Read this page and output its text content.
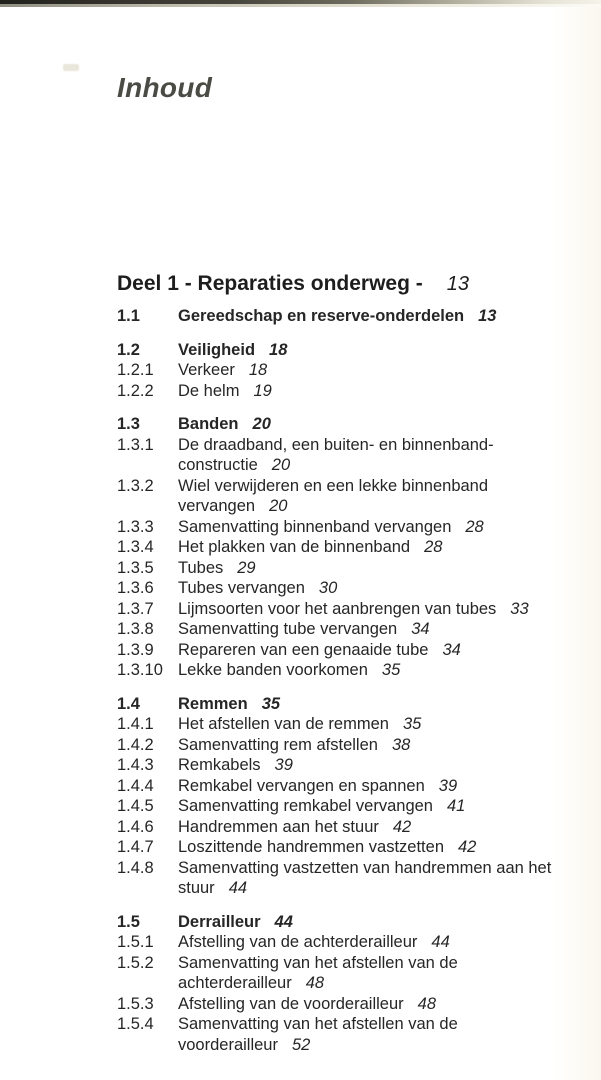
Inhoud
Deel 1 - Reparaties onderweg - 13
1.1	Gereedschap en reserve-onderdelen 13
1.2	Veiligheid 18
1.2.1	Verkeer 18
1.2.2	De helm 19
1.3	Banden 20
1.3.1	De draadband, een buiten- en binnenband-constructie 20
1.3.2	Wiel verwijderen en een lekke binnenband vervangen 20
1.3.3	Samenvatting binnenband vervangen 28
1.3.4	Het plakken van de binnenband 28
1.3.5	Tubes 29
1.3.6	Tubes vervangen 30
1.3.7	Lijmsoorten voor het aanbrengen van tubes 33
1.3.8	Samenvatting tube vervangen 34
1.3.9	Repareren van een genaaide tube 34
1.3.10 Lekke banden voorkomen 35
1.4	Remmen 35
1.4.1	Het afstellen van de remmen 35
1.4.2	Samenvatting rem afstellen 38
1.4.3	Remkabels 39
1.4.4	Remkabel vervangen en spannen 39
1.4.5	Samenvatting remkabel vervangen 41
1.4.6	Handremmen aan het stuur 42
1.4.7	Loszittende handremmen vastzetten 42
1.4.8	Samenvatting vastzetten van handremmen aan het stuur 44
1.5	Derrailleur 44
1.5.1	Afstelling van de achterderailleur 44
1.5.2	Samenvatting van het afstellen van de achterderailleur 48
1.5.3	Afstelling van de voorderailleur 48
1.5.4	Samenvatting van het afstellen van de voorderailleur 52
